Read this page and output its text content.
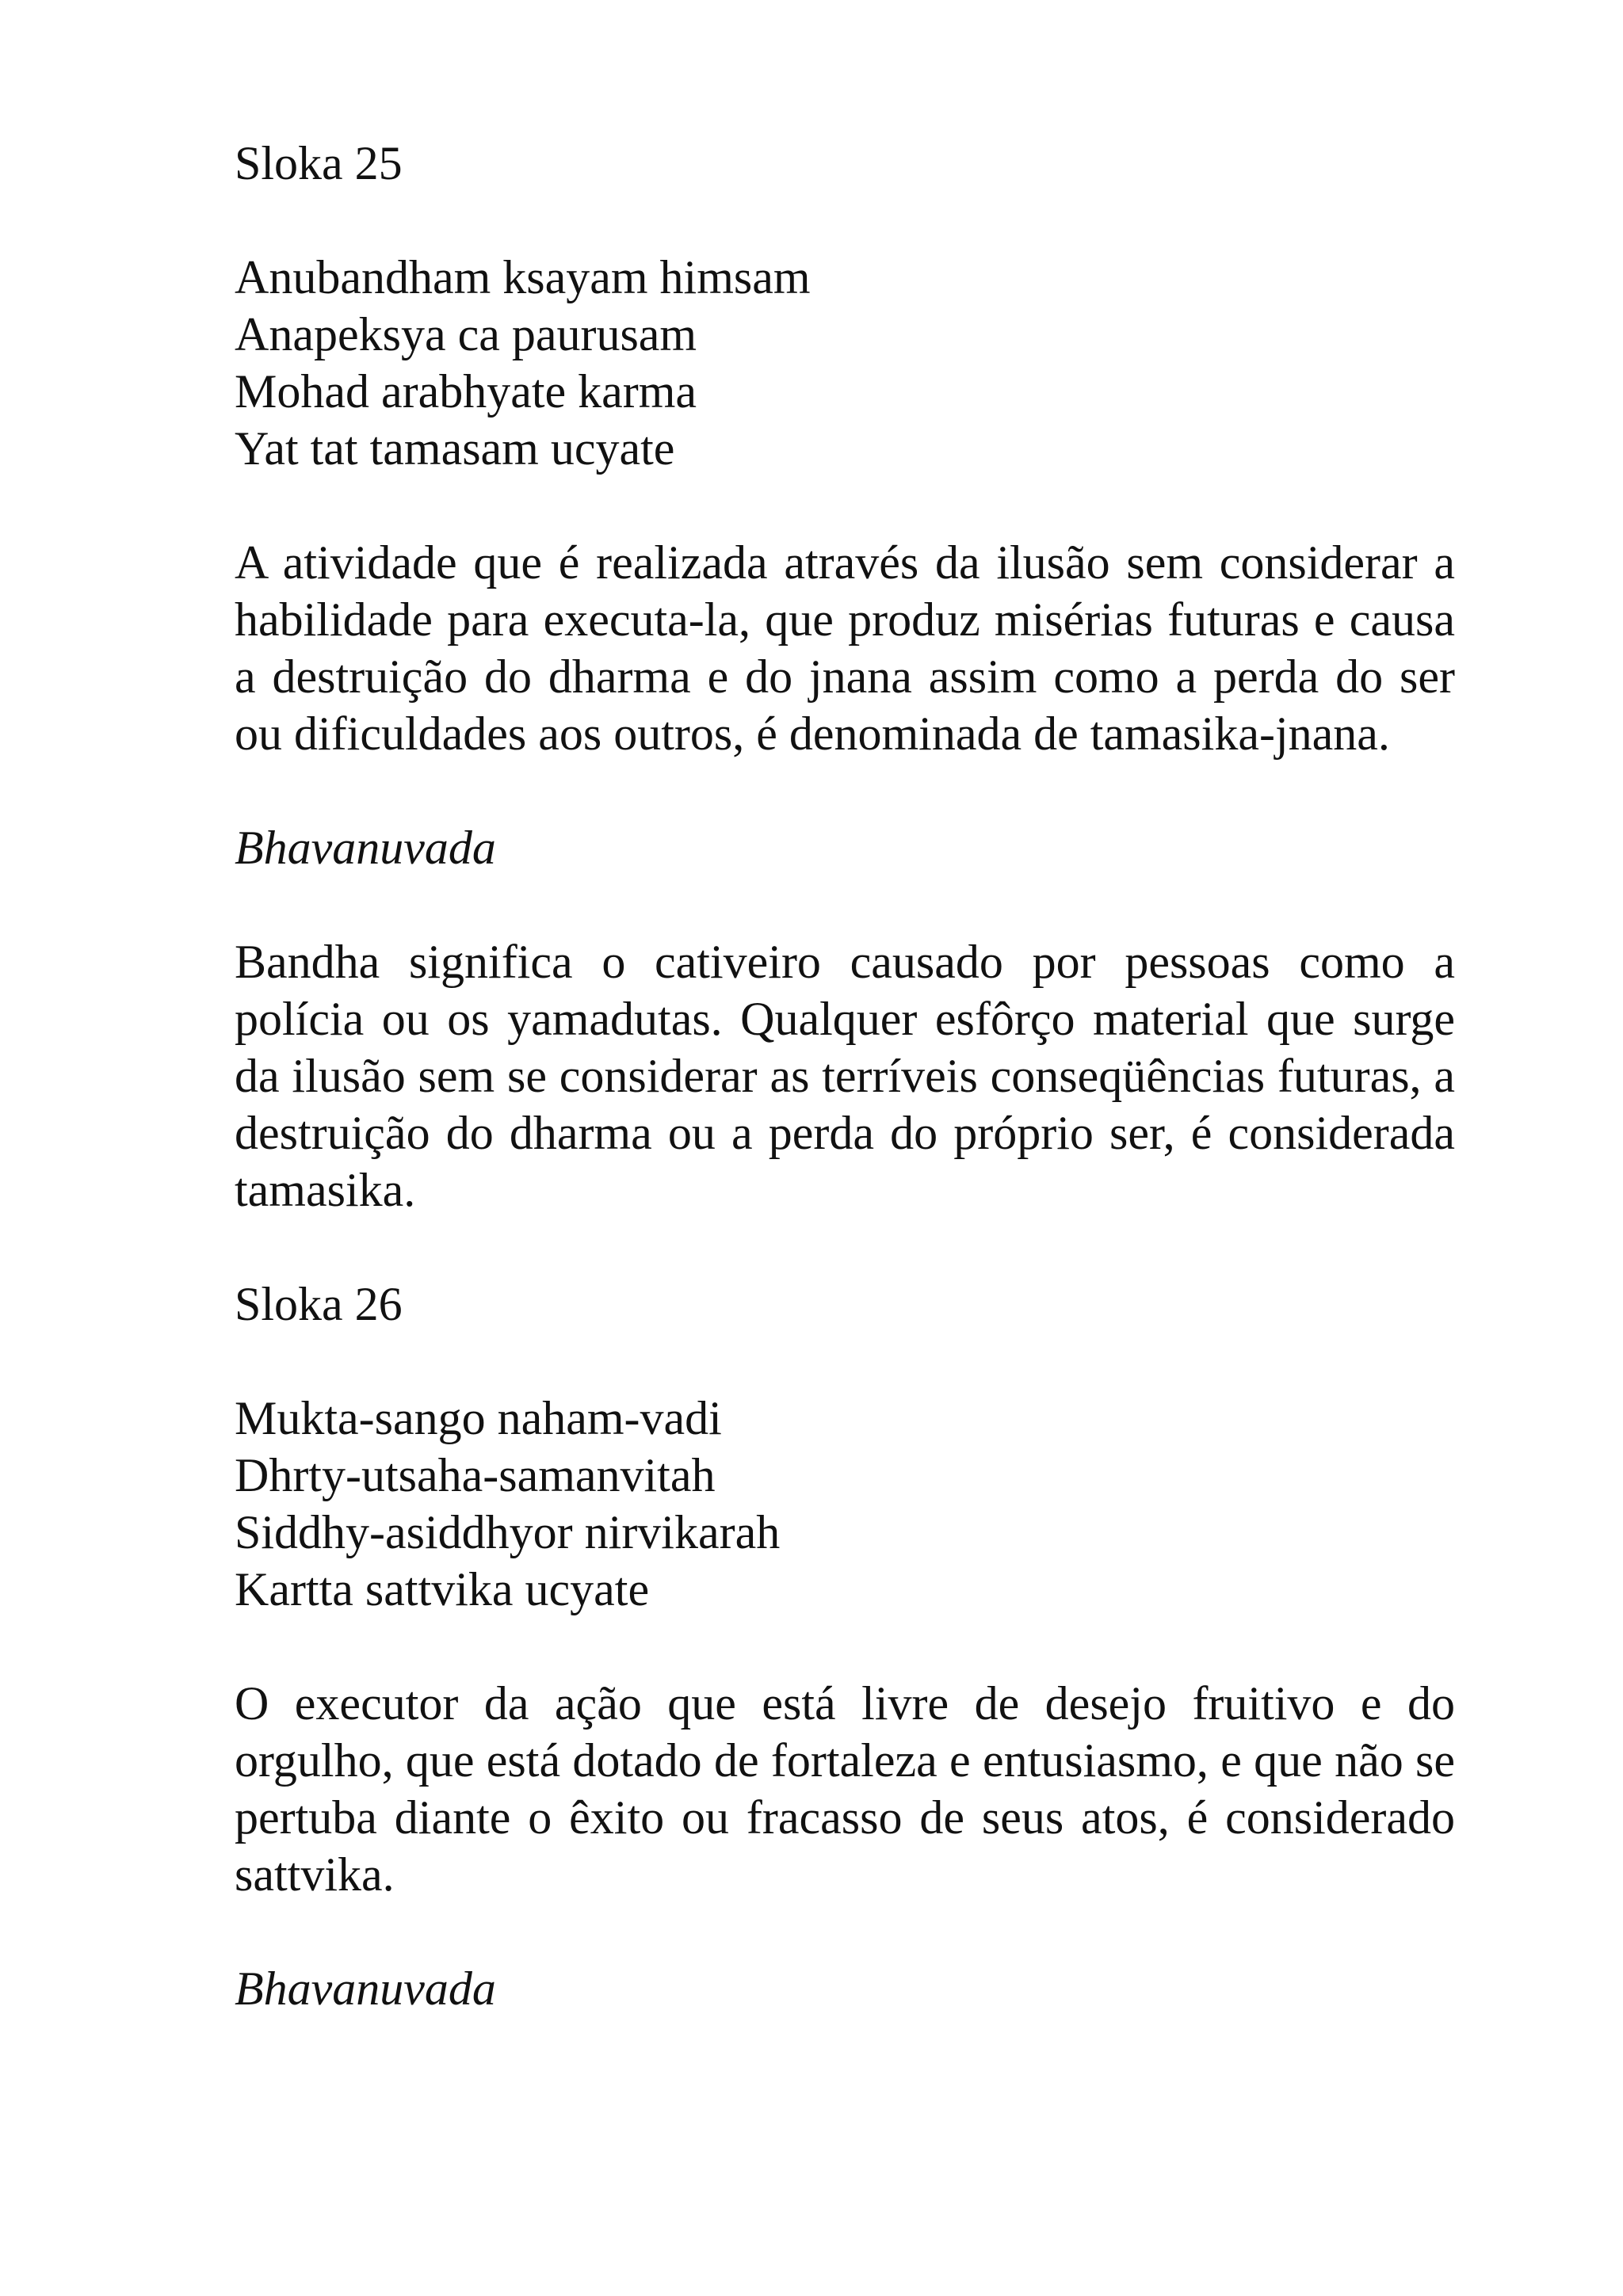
Sloka 25
Anubandham ksayam himsam
Anapeksya ca paurusam
Mohad arabhyate karma
Yat tat tamasam ucyate
A atividade que é realizada através da ilusão sem considerar a habilidade para executa-la, que produz misérias futuras e causa a destruição do dharma e do jnana assim como a perda do ser ou dificuldades aos outros, é denominada de tamasika-jnana.
Bhavanuvada
Bandha significa o cativeiro causado por pessoas como a polícia ou os yamadutas. Qualquer esfôrço material que surge da ilusão sem se considerar as terríveis conseqüências futuras, a destruição do dharma ou a perda do próprio ser, é considerada tamasika.
Sloka 26
Mukta-sango naham-vadi
Dhrty-utsaha-samanvitah
Siddhy-asiddhyor nirvikarah
Kartta sattvika ucyate
O executor da ação que está livre de desejo fruitivo e do orgulho, que está dotado de fortaleza e entusiasmo, e que não se pertuba diante o êxito ou fracasso de seus atos, é considerado sattvika.
Bhavanuvada
